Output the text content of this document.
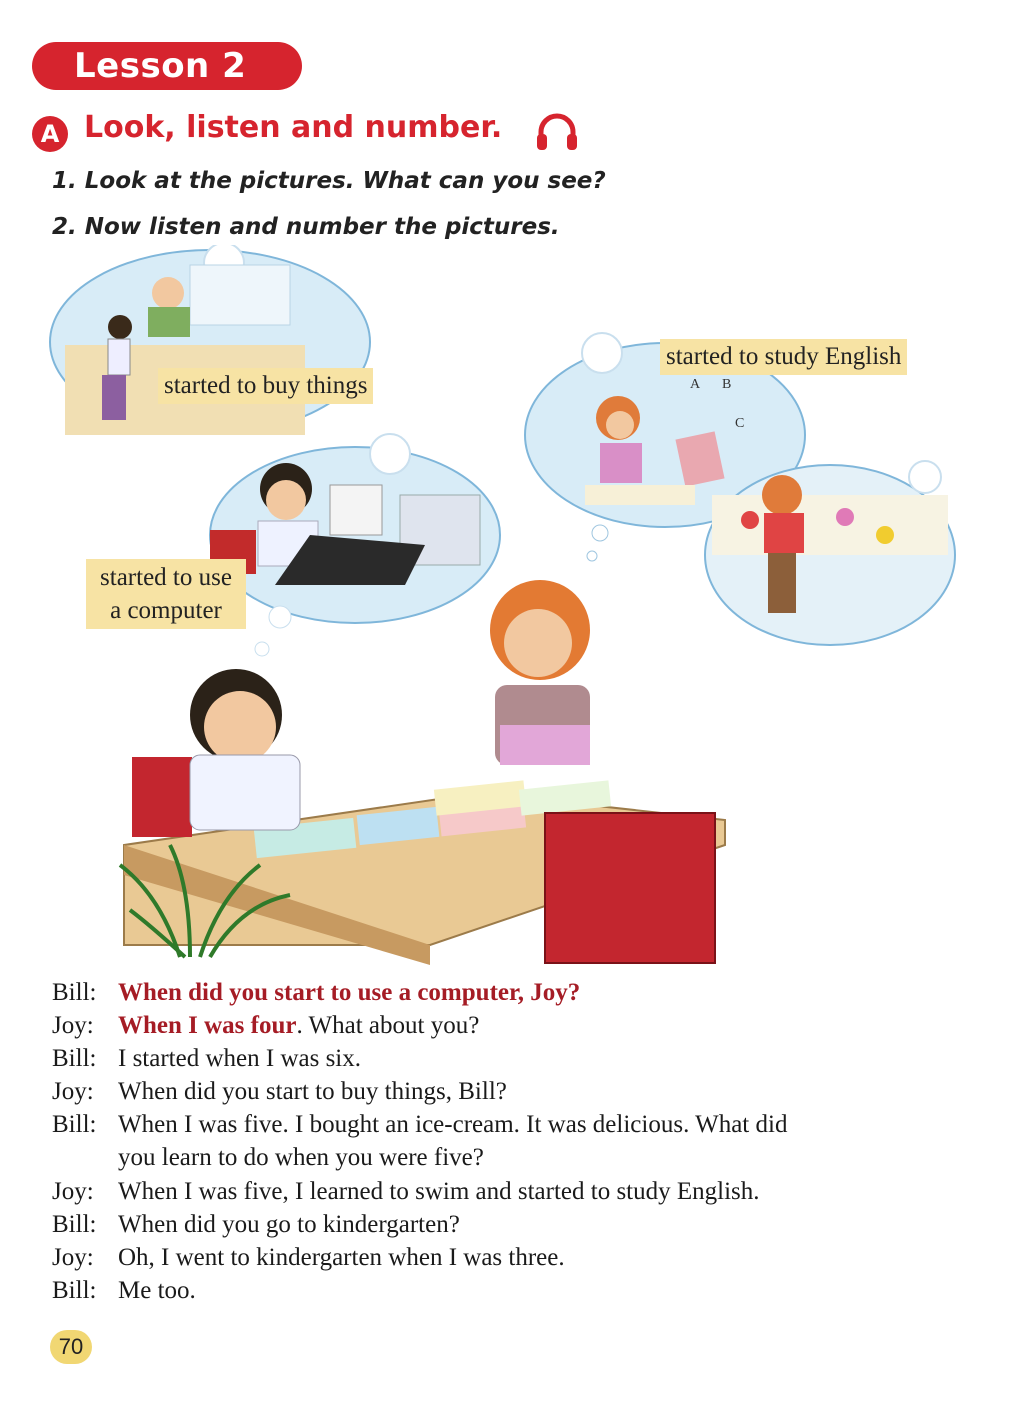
Lesson 2
A Look, listen and number.
1. Look at the pictures. What can you see?
2. Now listen and number the pictures.
A B
C
started to buy things
started to study English
started to use
a computer
Bill: When did you start to use a computer, Joy?
Joy: When I was four. What about you?
Bill: I started when I was six.
Joy: When did you start to buy things, Bill?
Bill: When I was five. I bought an ice-cream. It was delicious. What did
you learn to do when you were five?
Joy: When I was five, I learned to swim and started to study English.
Bill: When did you go to kindergarten?
Joy: Oh, I went to kindergarten when I was three.
Bill: Me too.
70
